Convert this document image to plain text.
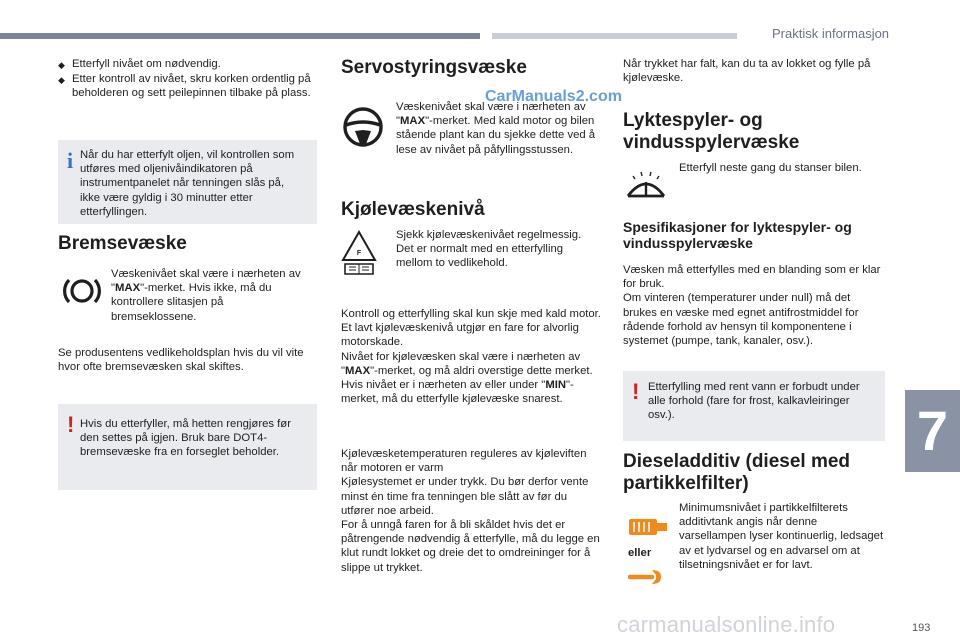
Praktisk informasjon
7
193
◆ Etterfyll nivået om nødvendig.
◆ Etter kontroll av nivået, skru korken ordentlig på beholderen og sett peilepinnen tilbake på plass.
i Når du har etterfylt oljen, vil kontrollen som utføres med oljenivåindikatoren på instrumentpanelet når tenningen slås på, ikke være gyldig i 30 minutter etter etterfyllingen.
Bremsevæske
Væskenivået skal være i nærheten av "MAX"-merket. Hvis ikke, må du kontrollere slitasjen på bremseklossene.
Se produsentens vedlikeholdsplan hvis du vil vite hvor ofte bremsevæsken skal skiftes.
! Hvis du etterfyller, må hetten rengjøres før den settes på igjen. Bruk bare DOT4-bremsevæske fra en forseglet beholder.
Servostyringsvæske
CarManuals2.com
Væskenivået skal være i nærheten av "MAX"-merket. Med kald motor og bilen stående plant kan du sjekke dette ved å lese av nivået på påfyllingsstussen.
Kjølevæskenivå
F
Sjekk kjølevæskenivået regelmessig.
Det er normalt med en etterfylling mellom to vedlikehold.
Kontroll og etterfylling skal kun skje med kald motor.
Et lavt kjølevæskenivå utgjør en fare for alvorlig motorskade.
Nivået for kjølevæsken skal være i nærheten av "MAX"-merket, og må aldri overstige dette merket.
Hvis nivået er i nærheten av eller under "MIN"-merket, må du etterfylle kjølevæske snarest.
Kjølevæsketemperaturen reguleres av kjøleviften når motoren er varm
Kjølesystemet er under trykk. Du bør derfor vente minst én time fra tenningen ble slått av før du utfører noe arbeid.
For å unngå faren for å bli skåldet hvis det er påtrengende nødvendig å etterfylle, må du legge en klut rundt lokket og dreie det to omdreininger for å slippe ut trykket.
Når trykket har falt, kan du ta av lokket og fylle på kjølevæske.
Lyktespyler- og vindusspylervæske
Etterfyll neste gang du stanser bilen.
Spesifikasjoner for lyktespyler- og vindusspylervæske
Væsken må etterfylles med en blanding som er klar for bruk.
Om vinteren (temperaturer under null) må det brukes en væske med egnet antifrostmiddel for rådende forhold av hensyn til komponentene i systemet (pumpe, tank, kanaler, osv.).
! Etterfylling med rent vann er forbudt under alle forhold (fare for frost, kalkavleiringer osv.).
Dieseladditiv (diesel med partikkelfilter)
eller
Minimumsnivået i partikkelfilterets additivtank angis når denne varsellampen lyser kontinuerlig, ledsaget av et lydvarsel og en advarsel om at tilsetningsnivået er for lavt.
carmanualsonline.info
